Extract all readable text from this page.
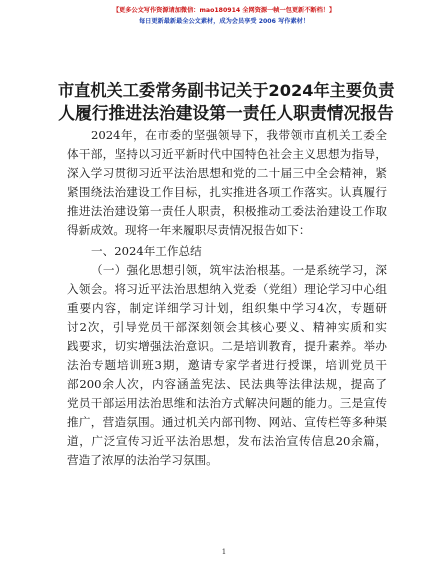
【更多公文写作资源请加微信：mao180914 全网资源一帧一包更新不断档！】
每日更新最新最全公文素材，成为会员享受 2006 写作素材！
市直机关工委常务副书记关于2024年主要负责
人履行推进法治建设第一责任人职责情况报告
2024年，在市委的坚强领导下，我带领市直机关工委全
体干部，坚持以习近平新时代中国特色社会主义思想为指导，
深入学习贯彻习近平法治思想和党的二十届三中全会精神，紧
紧围绕法治建设工作目标，扎实推进各项工作落实。认真履行
推进法治建设第一责任人职责，积极推动工委法治建设工作取
得新成效。现将一年来履职尽责情况报告如下：
一、2024年工作总结
（一）强化思想引领，筑牢法治根基。一是系统学习，深
入领会。将习近平法治思想纳入党委（党组）理论学习中心组
重要内容，制定详细学习计划，组织集中学习4次，专题研
讨2次，引导党员干部深刻领会其核心要义、精神实质和实
践要求，切实增强法治意识。二是培训教育，提升素养。举办
法治专题培训班3期，邀请专家学者进行授课，培训党员干
部200余人次，内容涵盖宪法、民法典等法律法规，提高了
党员干部运用法治思维和法治方式解决问题的能力。三是宣传
推广，营造氛围。通过机关内部刊物、网站、宣传栏等多种渠
道，广泛宣传习近平法治思想，发布法治宣传信息20余篇，
营造了浓厚的法治学习氛围。
1
